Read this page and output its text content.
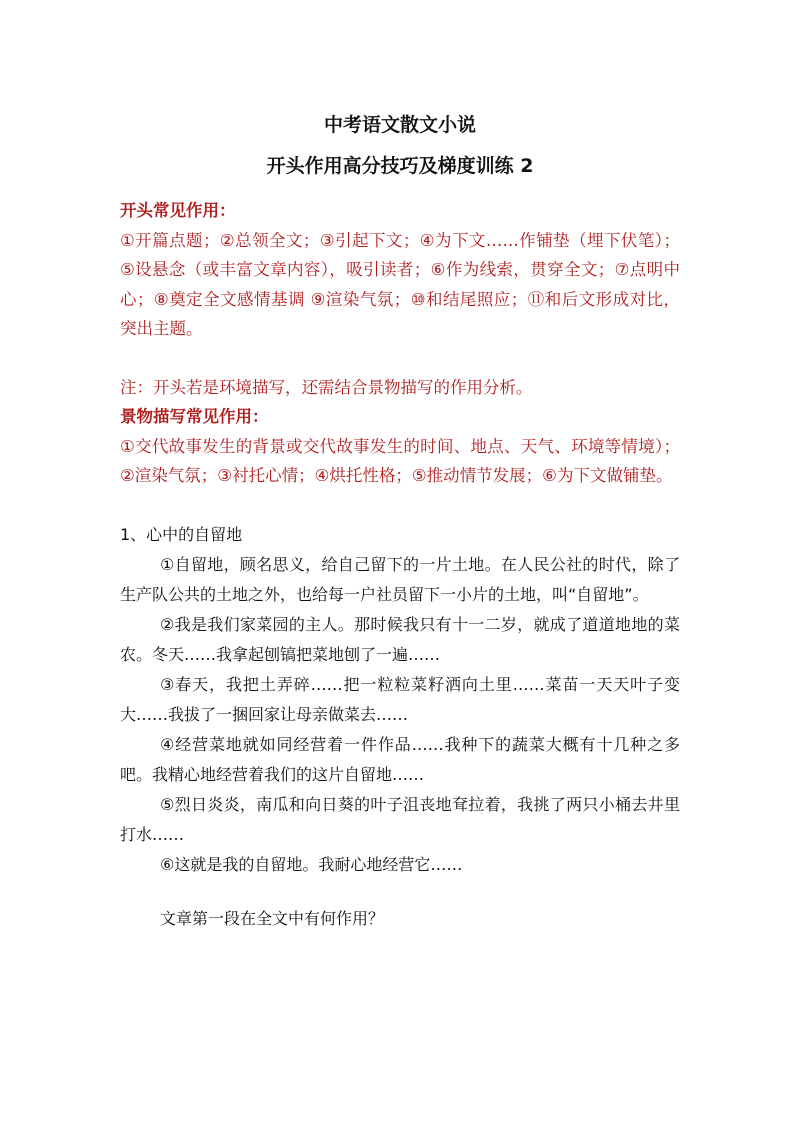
中考语文散文小说

开头作用高分技巧及梯度训练 2

开头常见作用：

①开篇点题；②总领全文；③引起下文；④为下文……作铺垫（埋下伏笔）；⑤设悬念（或丰富文章内容），吸引读者；⑥作为线索，贯穿全文；⑦点明中心；⑧奠定全文感情基调 ⑨渲染气氛；⑩和结尾照应；⑪和后文形成对比，突出主题。

注：开头若是环境描写，还需结合景物描写的作用分析。

景物描写常见作用：

①交代故事发生的背景或交代故事发生的时间、地点、天气、环境等情境）；②渲染气氛；③衬托心情；④烘托性格；⑤推动情节发展；⑥为下文做铺垫。

1、心中的自留地

①自留地，顾名思义，给自己留下的一片土地。在人民公社的时代，除了生产队公共的土地之外，也给每一户社员留下一小片的土地，叫“自留地”。

②我是我们家菜园的主人。那时候我只有十一二岁，就成了道道地地的菜农。冬天……我拿起刨镐把菜地刨了一遍……

③春天，我把土弄碎……把一粒粒菜籽洒向土里……菜苗一天天叶子变大……我拔了一捆回家让母亲做菜去……

④经营菜地就如同经营着一件作品……我种下的蔬菜大概有十几种之多吧。我精心地经营着我们的这片自留地……

⑤烈日炎炎，南瓜和向日葵的叶子沮丧地耷拉着，我挑了两只小桶去井里打水……

⑥这就是我的自留地。我耐心地经营它……

文章第一段在全文中有何作用？
